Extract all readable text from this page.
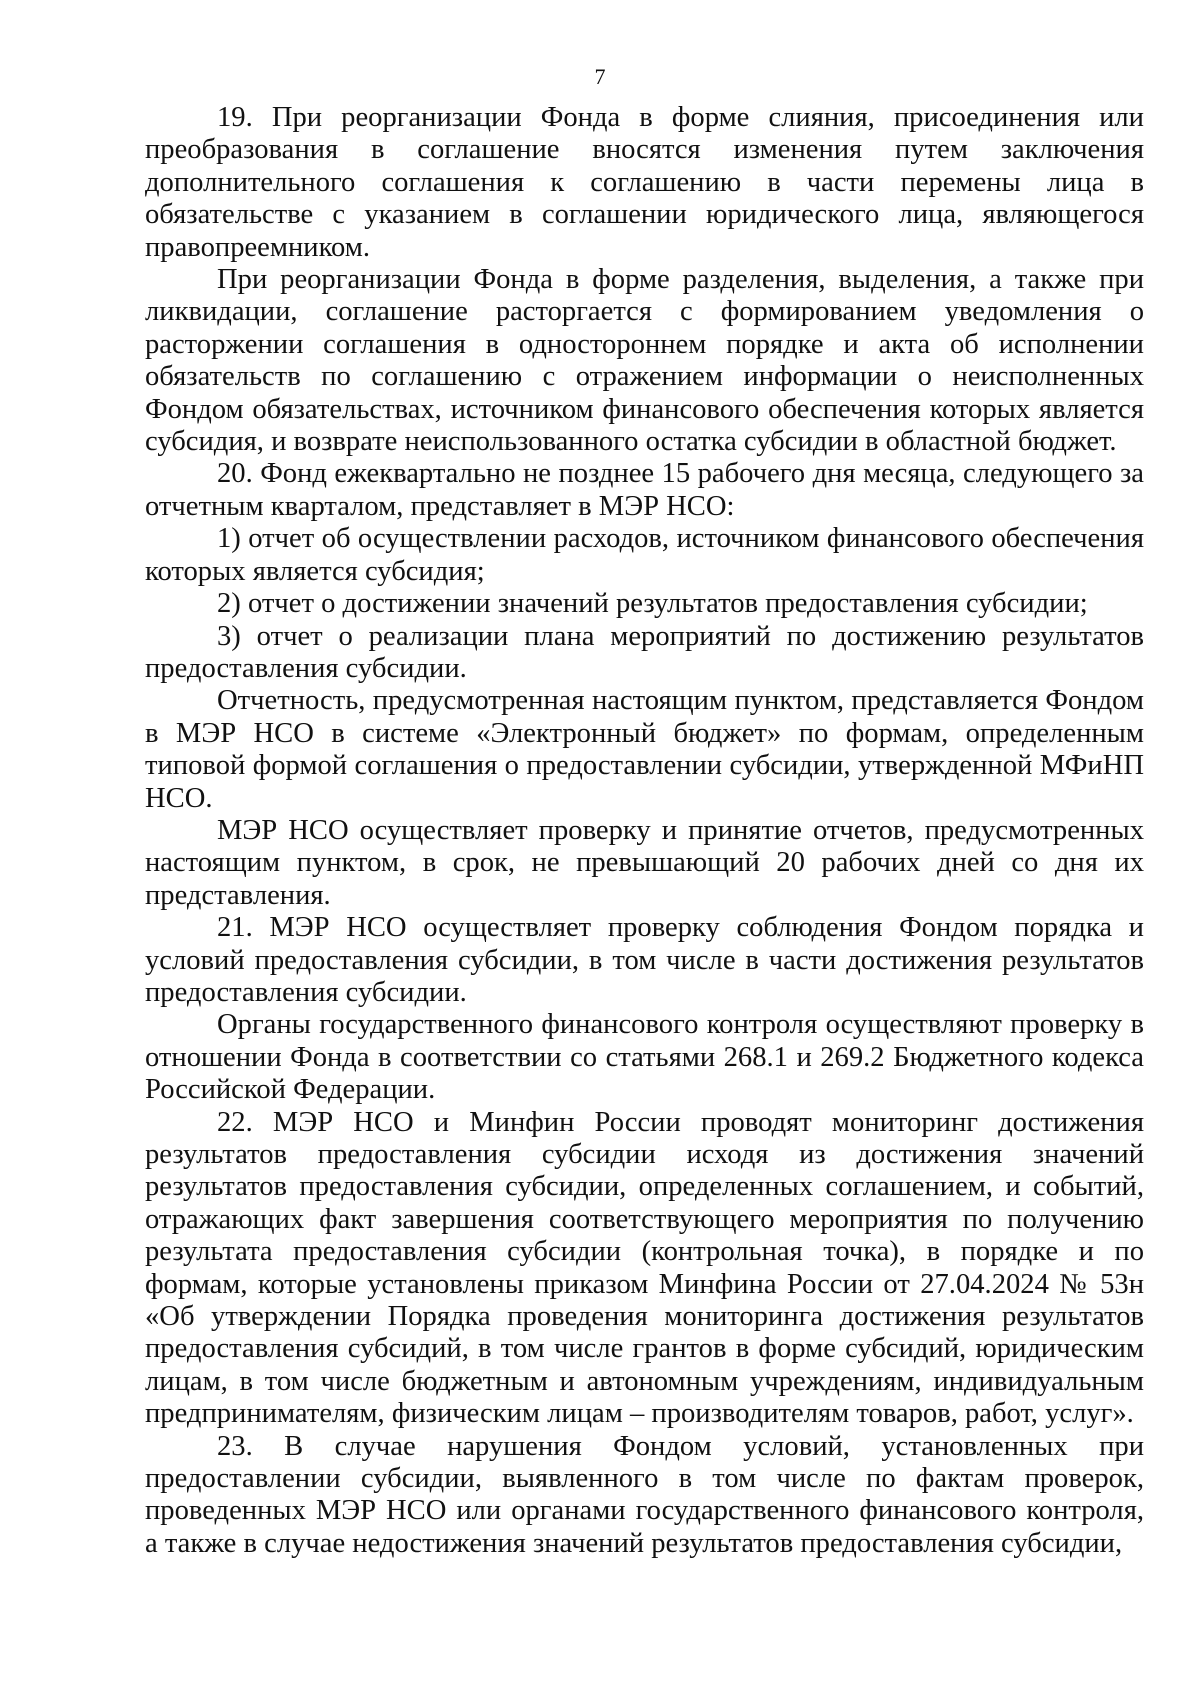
7

19. При реорганизации Фонда в форме слияния, присоединения или преобразования в соглашение вносятся изменения путем заключения дополнительного соглашения к соглашению в части перемены лица в обязательстве с указанием в соглашении юридического лица, являющегося правопреемником.

При реорганизации Фонда в форме разделения, выделения, а также при ликвидации, соглашение расторгается с формированием уведомления о расторжении соглашения в одностороннем порядке и акта об исполнении обязательств по соглашению с отражением информации о неисполненных Фондом обязательствах, источником финансового обеспечения которых является субсидия, и возврате неиспользованного остатка субсидии в областной бюджет.

20. Фонд ежеквартально не позднее 15 рабочего дня месяца, следующего за отчетным кварталом, представляет в МЭР НСО:

1) отчет об осуществлении расходов, источником финансового обеспечения которых является субсидия;

2) отчет о достижении значений результатов предоставления субсидии;

3) отчет о реализации плана мероприятий по достижению результатов предоставления субсидии.

Отчетность, предусмотренная настоящим пунктом, представляется Фондом в МЭР НСО в системе «Электронный бюджет» по формам, определенным типовой формой соглашения о предоставлении субсидии, утвержденной МФиНП НСО.

МЭР НСО осуществляет проверку и принятие отчетов, предусмотренных настоящим пунктом, в срок, не превышающий 20 рабочих дней со дня их представления.

21. МЭР НСО осуществляет проверку соблюдения Фондом порядка и условий предоставления субсидии, в том числе в части достижения результатов предоставления субсидии.

Органы государственного финансового контроля осуществляют проверку в отношении Фонда в соответствии со статьями 268.1 и 269.2 Бюджетного кодекса Российской Федерации.

22. МЭР НСО и Минфин России проводят мониторинг достижения результатов предоставления субсидии исходя из достижения значений результатов предоставления субсидии, определенных соглашением, и событий, отражающих факт завершения соответствующего мероприятия по получению результата предоставления субсидии (контрольная точка), в порядке и по формам, которые установлены приказом Минфина России от 27.04.2024 № 53н «Об утверждении Порядка проведения мониторинга достижения результатов предоставления субсидий, в том числе грантов в форме субсидий, юридическим лицам, в том числе бюджетным и автономным учреждениям, индивидуальным предпринимателям, физическим лицам – производителям товаров, работ, услуг».

23. В случае нарушения Фондом условий, установленных при предоставлении субсидии, выявленного в том числе по фактам проверок, проведенных МЭР НСО или органами государственного финансового контроля, а также в случае недостижения значений результатов предоставления субсидии,
